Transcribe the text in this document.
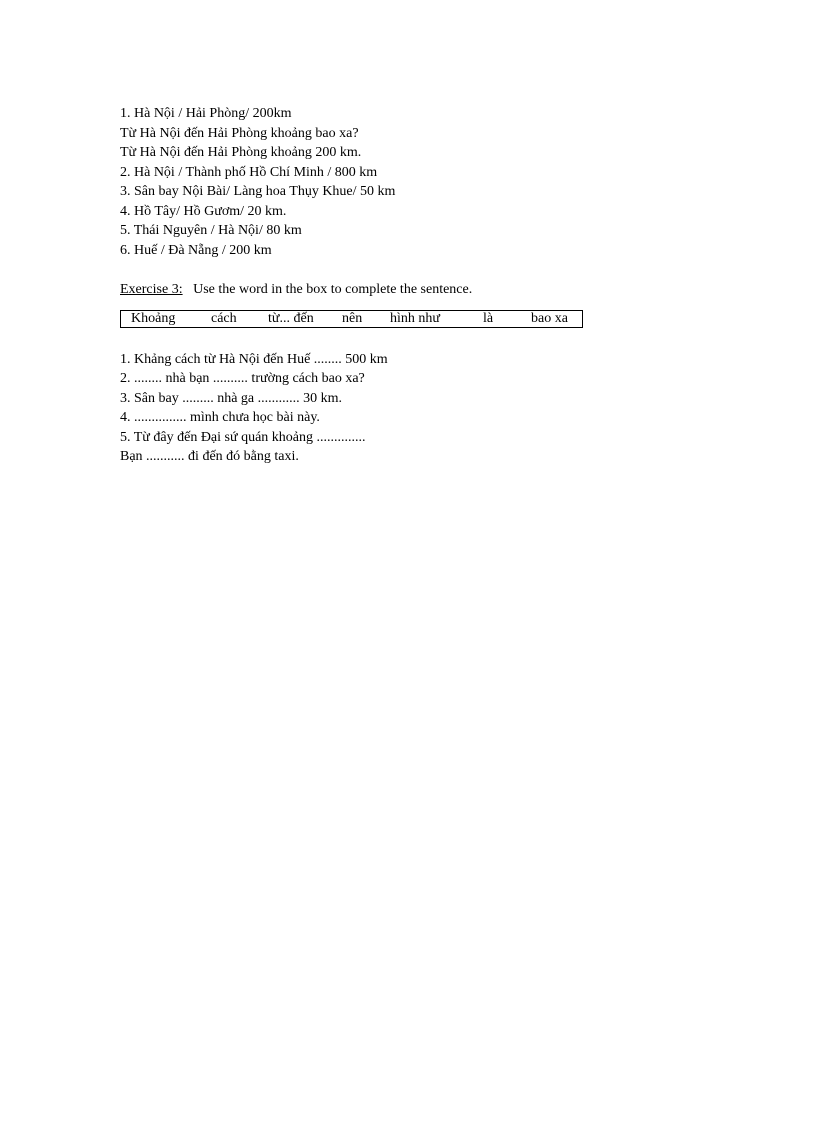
1. Hà Nội / Hải Phòng/ 200km
Từ Hà Nội đến Hải Phòng khoảng bao xa?
Từ Hà Nội đến Hải Phòng khoảng 200 km.
2. Hà Nội / Thành phố Hồ Chí Minh / 800 km
3. Sân bay Nội Bài/ Làng hoa Thụy Khue/ 50 km
4. Hồ Tây/ Hồ Gươm/ 20 km.
5. Thái Nguyên / Hà Nội/ 80 km
6. Huế / Đà Nẵng / 200 km
Exercise 3: Use the word in the box to complete the sentence.
Khoảng	cách từ... đến nên hình như	là	bao xa
1. Khảng cách từ Hà Nội đến Huế ........ 500 km
2. ........ nhà bạn .......... trường cách bao xa?
3. Sân bay ......... nhà ga ............ 30 km.
4. ............... mình chưa học bài này.
5. Từ đây đến Đại sứ quán khoảng ..............
Bạn ........... đi đến đó bằng taxi.
